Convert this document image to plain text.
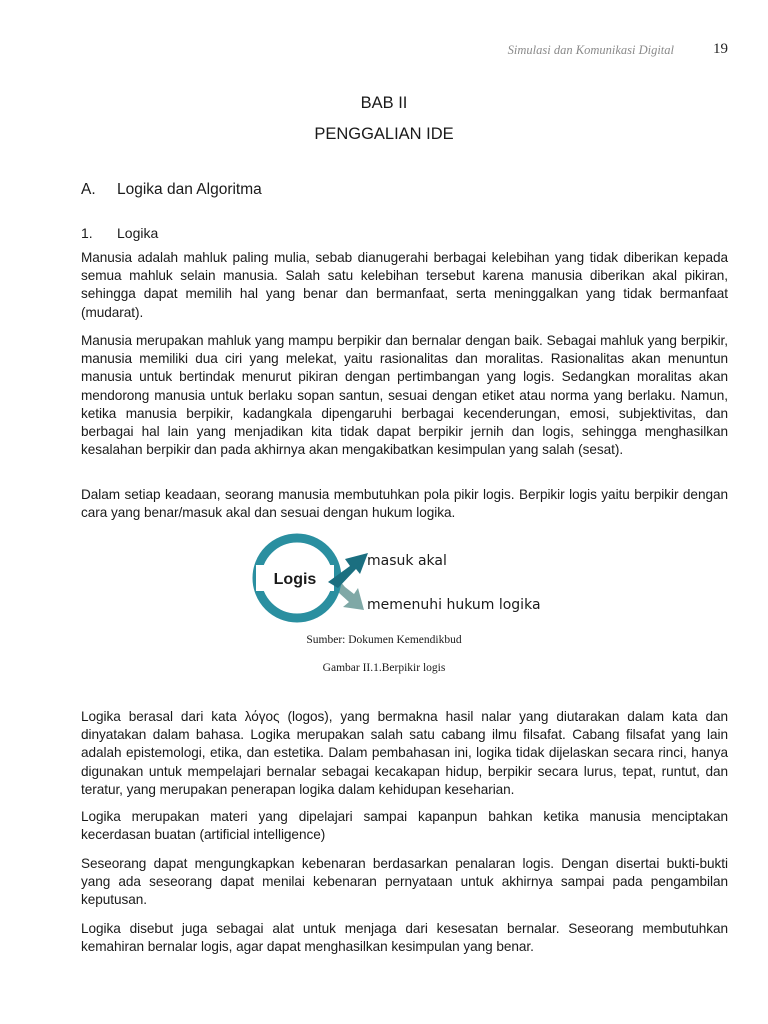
Simulasi dan Komunikasi Digital	19
BAB II
PENGGALIAN IDE
A. Logika dan Algoritma
1. Logika

Manusia adalah mahluk paling mulia, sebab dianugerahi berbagai kelebihan yang tidak diberikan kepada semua mahluk selain manusia. Salah satu kelebihan tersebut karena manusia diberikan akal pikiran, sehingga dapat memilih hal yang benar dan bermanfaat, serta meninggalkan yang tidak bermanfaat (mudarat).

Manusia merupakan mahluk yang mampu berpikir dan bernalar dengan baik. Sebagai mahluk yang berpikir, manusia memiliki dua ciri yang melekat, yaitu rasionalitas dan moralitas. Rasionalitas akan menuntun manusia untuk bertindak menurut pikiran dengan pertimbangan yang logis. Sedangkan moralitas akan mendorong manusia untuk berlaku sopan santun, sesuai dengan etiket atau norma yang berlaku. Namun, ketika manusia berpikir, kadangkala dipengaruhi berbagai kecenderungan, emosi, subjektivitas, dan berbagai hal lain yang menjadikan kita tidak dapat berpikir jernih dan logis, sehingga menghasilkan kesalahan berpikir dan pada akhirnya akan mengakibatkan kesimpulan yang salah (sesat).

Dalam setiap keadaan, seorang manusia membutuhkan pola pikir logis. Berpikir logis yaitu berpikir dengan cara yang benar/masuk akal dan sesuai dengan hukum logika.

Logis
masuk akal
memenuhi hukum logika
Sumber: Dokumen Kemendikbud
Gambar II.1.Berpikir logis

Logika berasal dari kata λόγος (logos), yang bermakna hasil nalar yang diutarakan dalam kata dan dinyatakan dalam bahasa. Logika merupakan salah satu cabang ilmu filsafat. Cabang filsafat yang lain adalah epistemologi, etika, dan estetika. Dalam pembahasan ini, logika tidak dijelaskan secara rinci, hanya digunakan untuk mempelajari bernalar sebagai kecakapan hidup, berpikir secara lurus, tepat, runtut, dan teratur, yang merupakan penerapan logika dalam kehidupan keseharian.

Logika merupakan materi yang dipelajari sampai kapanpun bahkan ketika manusia menciptakan kecerdasan buatan (artificial intelligence)

Seseorang dapat mengungkapkan kebenaran berdasarkan penalaran logis. Dengan disertai bukti-bukti yang ada seseorang dapat menilai kebenaran pernyataan untuk akhirnya sampai pada pengambilan keputusan.

Logika disebut juga sebagai alat untuk menjaga dari kesesatan bernalar. Seseorang membutuhkan kemahiran bernalar logis, agar dapat menghasilkan kesimpulan yang benar.
